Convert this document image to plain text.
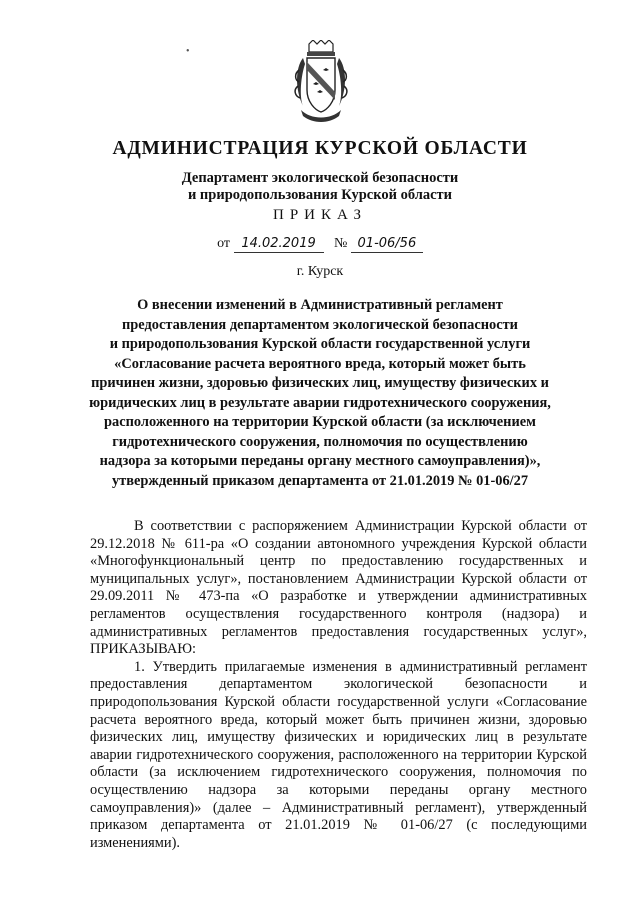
•
АДМИНИСТРАЦИЯ КУРСКОЙ ОБЛАСТИ
Департамент экологической безопасности
и природопользования Курской области
ПРИКАЗ
от 14.02.2019 № 01-06/56
г. Курск
О внесении изменений в Административный регламент
предоставления департаментом экологической безопасности
и природопользования Курской области государственной услуги
«Согласование расчета вероятного вреда, который может быть
причинен жизни, здоровью физических лиц, имуществу физических и
юридических лиц в результате аварии гидротехнического сооружения,
расположенного на территории Курской области (за исключением
гидротехнического сооружения, полномочия по осуществлению
надзора за которыми переданы органу местного самоуправления)»,
утвержденный приказом департамента от 21.01.2019 № 01-06/27

В соответствии с распоряжением Администрации Курской области от 29.12.2018 № 611-ра «О создании автономного учреждения Курской области «Многофункциональный центр по предоставлению государственных и муниципальных услуг», постановлением Администрации Курской области от 29.09.2011 № 473-па «О разработке и утверждении административных регламентов осуществления государственного контроля (надзора) и административных регламентов предоставления государственных услуг», ПРИКАЗЫВАЮ:

1. Утвердить прилагаемые изменения в административный регламент предоставления департаментом экологической безопасности и природопользования Курской области государственной услуги «Согласование расчета вероятного вреда, который может быть причинен жизни, здоровью физических лиц, имуществу физических и юридических лиц в результате аварии гидротехнического сооружения, расположенного на территории Курской области (за исключением гидротехнического сооружения, полномочия по осуществлению надзора за которыми переданы органу местного самоуправления)» (далее – Административный регламент), утвержденный приказом департамента от 21.01.2019 № 01-06/27 (с последующими изменениями).
